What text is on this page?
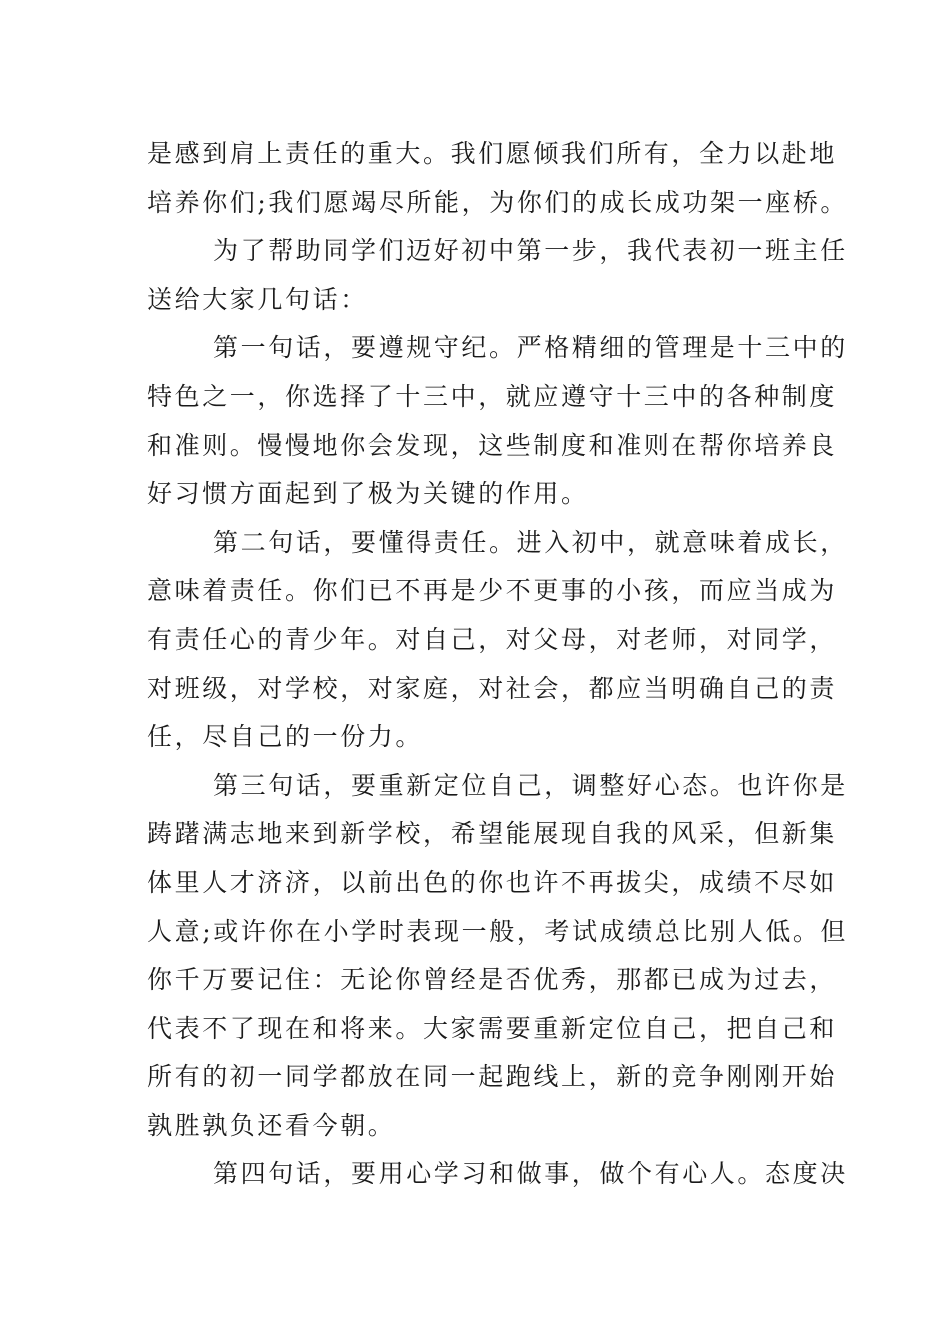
是感到肩上责任的重大。我们愿倾我们所有，全力以赴地
培养你们;我们愿竭尽所能，为你们的成长成功架一座桥。
为了帮助同学们迈好初中第一步，我代表初一班主任
送给大家几句话：
第一句话，要遵规守纪。严格精细的管理是十三中的
特色之一，你选择了十三中，就应遵守十三中的各种制度
和准则。慢慢地你会发现，这些制度和准则在帮你培养良
好习惯方面起到了极为关键的作用。
第二句话，要懂得责任。进入初中，就意味着成长，
意味着责任。你们已不再是少不更事的小孩，而应当成为
有责任心的青少年。对自己，对父母，对老师，对同学，
对班级，对学校，对家庭，对社会，都应当明确自己的责
任，尽自己的一份力。
第三句话，要重新定位自己，调整好心态。也许你是
踌躇满志地来到新学校，希望能展现自我的风采，但新集
体里人才济济，以前出色的你也许不再拔尖，成绩不尽如
人意;或许你在小学时表现一般，考试成绩总比别人低。但
你千万要记住：无论你曾经是否优秀，那都已成为过去，
代表不了现在和将来。大家需要重新定位自己，把自己和
所有的初一同学都放在同一起跑线上，新的竞争刚刚开始
孰胜孰负还看今朝。
第四句话，要用心学习和做事，做个有心人。态度决
